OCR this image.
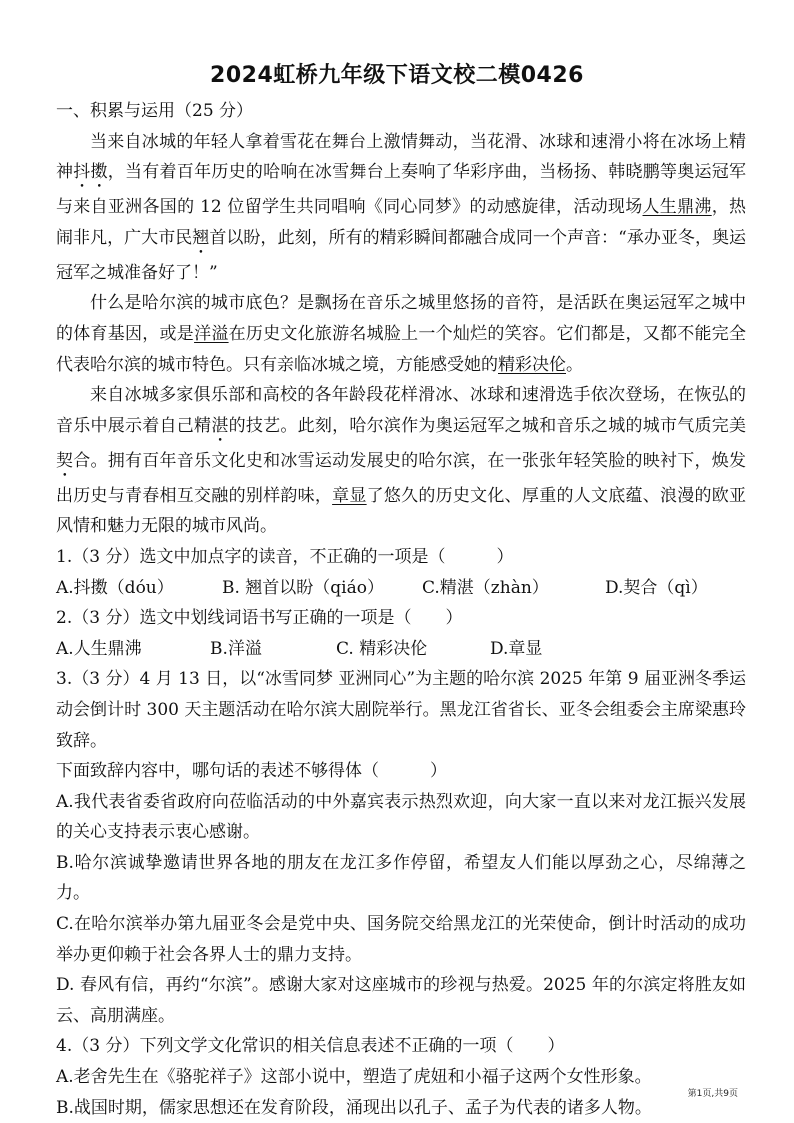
2024虹桥九年级下语文校二模0426

一、积累与运用（25 分）

当来自冰城的年轻人拿着雪花在舞台上激情舞动，当花滑、冰球和速滑小将在冰场上精神抖擞，当有着百年历史的哈响在冰雪舞台上奏响了华彩序曲，当杨扬、韩晓鹏等奥运冠军与来自亚洲各国的 12 位留学生共同唱响《同心同梦》的动感旋律，活动现场人生鼎沸，热闹非凡，广大市民翘首以盼，此刻，所有的精彩瞬间都融合成同一个声音：“承办亚冬，奥运冠军之城准备好了！”

什么是哈尔滨的城市底色？是飘扬在音乐之城里悠扬的音符，是活跃在奥运冠军之城中的体育基因，或是洋溢在历史文化旅游名城脸上一个灿烂的笑容。它们都是，又都不能完全代表哈尔滨的城市特色。只有亲临冰城之境，方能感受她的精彩决伦。

来自冰城多家俱乐部和高校的各年龄段花样滑冰、冰球和速滑选手依次登场，在恢弘的音乐中展示着自己精湛的技艺。此刻，哈尔滨作为奥运冠军之城和音乐之城的城市气质完美契合。拥有百年音乐文化史和冰雪运动发展史的哈尔滨，在一张张年轻笑脸的映衬下，焕发出历史与青春相互交融的别样韵味，章显了悠久的历史文化、厚重的人文底蕴、浪漫的欧亚风情和魅力无限的城市风尚。

1.（3 分）选文中加点字的读音，不正确的一项是（　　　）

A.抖擞（dóu）	B. 翘首以盼（qiáo）	C.精湛（zhàn）	D.契合（qì）

2.（3 分）选文中划线词语书写正确的一项是（　　）

A.人生鼎沸	B.洋溢	C. 精彩决伦	D.章显

3.（3 分）4 月 13 日，以“冰雪同梦 亚洲同心”为主题的哈尔滨 2025 年第 9 届亚洲冬季运动会倒计时 300 天主题活动在哈尔滨大剧院举行。黑龙江省省长、亚冬会组委会主席梁惠玲致辞。

下面致辞内容中，哪句话的表述不够得体（　　　）

A.我代表省委省政府向莅临活动的中外嘉宾表示热烈欢迎，向大家一直以来对龙江振兴发展的关心支持表示衷心感谢。

B.哈尔滨诚挚邀请世界各地的朋友在龙江多作停留，希望友人们能以厚劲之心，尽绵薄之力。

C.在哈尔滨举办第九届亚冬会是党中央、国务院交给黑龙江的光荣使命，倒计时活动的成功举办更仰赖于社会各界人士的鼎力支持。

D. 春风有信，再约“尔滨”。感谢大家对这座城市的珍视与热爱。2025 年的尔滨定将胜友如云、高朋满座。

4.（3 分）下列文学文化常识的相关信息表述不正确的一项（　　）

A.老舍先生在《骆驼祥子》这部小说中，塑造了虎妞和小福子这两个女性形象。

B.战国时期，儒家思想还在发育阶段，涌现出以孔子、孟子为代表的诸多人物。

第1页,共9页
